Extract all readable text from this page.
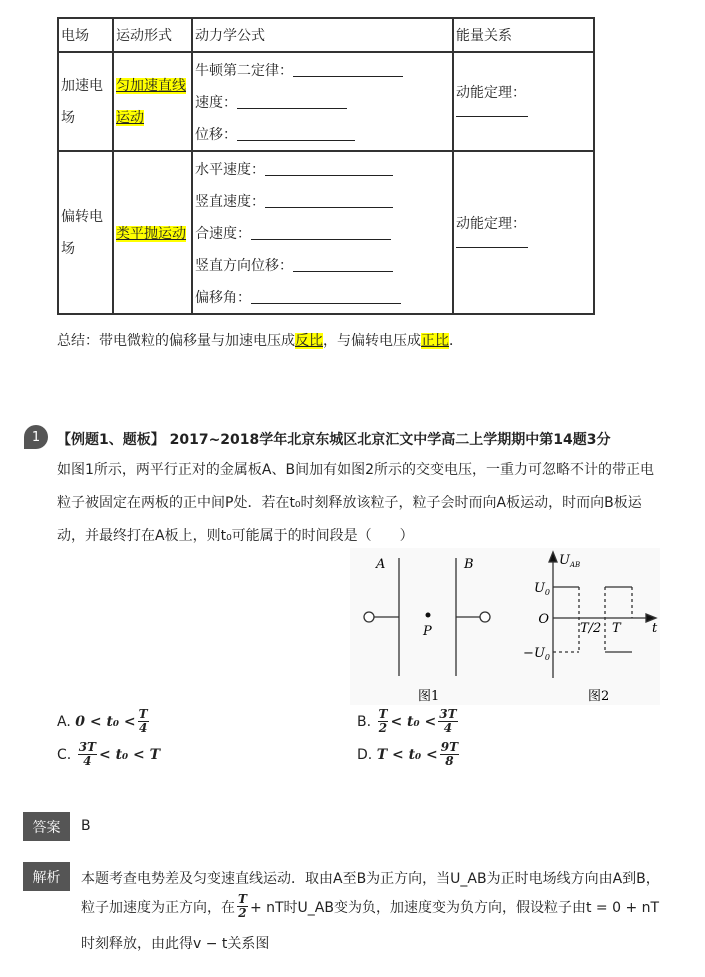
电场	运动形式	动力学公式	能量关系
加速电场	匀加速直线运动	牛顿第二定律：
速度：
位移：	动能定理：
偏转电场	类平抛运动	水平速度：
竖直速度：
合速度：
竖直方向位移：
偏移角：	动能定理：
总结：带电微粒的偏移量与加速电压成反比，与偏转电压成正比．
1	【例题1、题板】 2017~2018学年北京东城区北京汇文中学高二上学期期中第14题3分
如图1所示，两平行正对的金属板A、B间加有如图2所示的交变电压，一重力可忽略不计的带正电
粒子被固定在两板的正中间P处．若在t₀时刻释放该粒子，粒子会时而向A板运动，时而向B板运
动，并最终打在A板上，则t₀可能属于的时间段是（　　）
A	B
P
图1
$U_{AB}$
$U_0$
O
$-U_0$
T/2 T t
图2
A.
$0 < t_0 < \frac{T}{4}$	B.
$\frac{T}{2} < t_0 < \frac{3T}{4}$
C.
$\frac{3T}{4} < t_0 < T$	D.
$T < t_0 < \frac{9T}{8}$
答案	B
解析	本题考查电势差及匀变速直线运动．取由A至B为正方向，当U_AB为正时电场线方向由A到B，
粒子加速度为正方向，在 $\frac{T}{2}$ + nT时U_AB变为负，加速度变为负方向，假设粒子由t = 0 + nT
时刻释放，由此得v − t关系图
